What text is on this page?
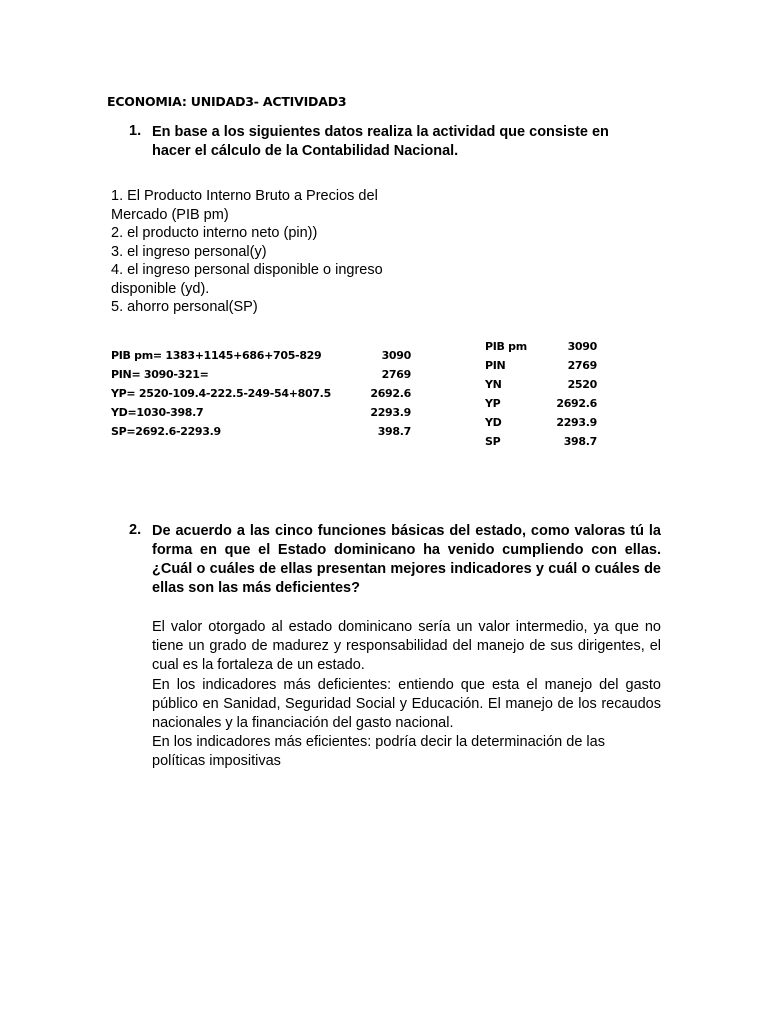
ECONOMIA: UNIDAD3- ACTIVIDAD3
1. En base a los siguientes datos realiza la actividad que consiste en hacer el cálculo de la Contabilidad Nacional.
1. El Producto Interno Bruto a Precios del Mercado (PIB pm)
2. el producto interno neto (pin))
3. el ingreso personal(y)
4. el ingreso personal disponible o ingreso disponible (yd).
5. ahorro personal(SP)
PIB pm= 1383+1145+686+705-829	3090
PIN= 3090-321=	2769
YP= 2520-109.4-222.5-249-54+807.5	2692.6
YD=1030-398.7	2293.9
SP=2692.6-2293.9	398.7
PIB pm	3090
PIN	2769
YN	2520
YP	2692.6
YD	2293.9
SP	398.7
2. De acuerdo a las cinco funciones básicas del estado, como valoras tú la forma en que el Estado dominicano ha venido cumpliendo con ellas. ¿Cuál o cuáles de ellas presentan mejores indicadores y cuál o cuáles de ellas son las más deficientes?
El valor otorgado al estado dominicano sería un valor intermedio, ya que no tiene un grado de madurez y responsabilidad del manejo de sus dirigentes, el cual es la fortaleza de un estado.
En los indicadores más deficientes: entiendo que esta el manejo del gasto público en Sanidad, Seguridad Social y Educación. El manejo de los recaudos nacionales y la financiación del gasto nacional.
En los indicadores más eficientes: podría decir la determinación de las políticas impositivas
